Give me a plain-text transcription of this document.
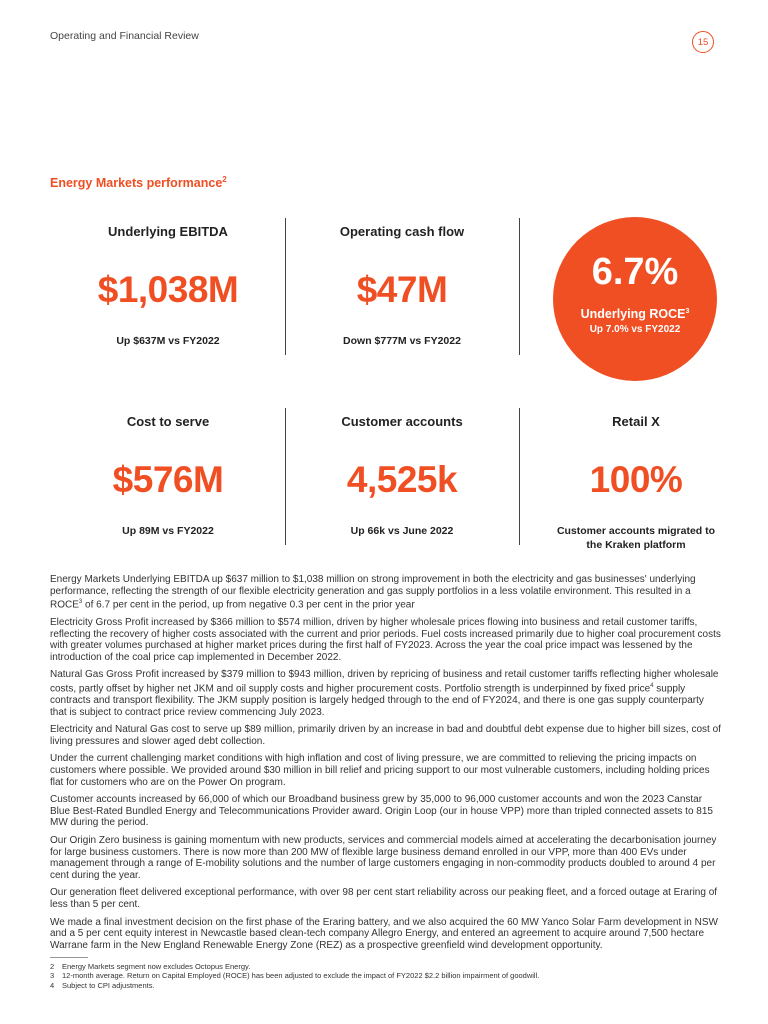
Operating and Financial Review
15
Energy Markets performance$^2$
Underlying EBITDA
$1,038M
Up $637M vs FY2022
Operating cash flow
$47M
Down $777M vs FY2022
6.7%
Underlying ROCE$^3$
Up 7.0% vs FY2022
Cost to serve
$576M
Up 89M vs FY2022
Customer accounts
4,525k
Up 66k vs June 2022
Retail X
100%
Customer accounts migrated to
the Kraken platform

Energy Markets Underlying EBITDA up $637 million to $1,038 million on strong improvement in both the electricity and gas businesses' underlying performance, reflecting the strength of our flexible electricity generation and gas supply portfolios in a less volatile environment. This resulted in a ROCE$^3$ of 6.7 per cent in the period, up from negative 0.3 per cent in the prior year

Electricity Gross Profit increased by $366 million to $574 million, driven by higher wholesale prices flowing into business and retail customer tariffs, reflecting the recovery of higher costs associated with the current and prior periods. Fuel costs increased primarily due to higher coal procurement costs with greater volumes purchased at higher market prices during the first half of FY2023. Across the year the coal price impact was lessened by the introduction of the coal price cap implemented in December 2022.

Natural Gas Gross Profit increased by $379 million to $943 million, driven by repricing of business and retail customer tariffs reflecting higher wholesale costs, partly offset by higher net JKM and oil supply costs and higher procurement costs. Portfolio strength is underpinned by fixed price$^4$ supply contracts and transport flexibility. The JKM supply position is largely hedged through to the end of FY2024, and there is one gas supply counterparty that is subject to contract price review commencing July 2023.

Electricity and Natural Gas cost to serve up $89 million, primarily driven by an increase in bad and doubtful debt expense due to higher bill sizes, cost of living pressures and slower aged debt collection.

Under the current challenging market conditions with high inflation and cost of living pressure, we are committed to relieving the pricing impacts on customers where possible. We provided around $30 million in bill relief and pricing support to our most vulnerable customers, including holding prices flat for customers who are on the Power On program.

Customer accounts increased by 66,000 of which our Broadband business grew by 35,000 to 96,000 customer accounts and won the 2023 Canstar Blue Best-Rated Bundled Energy and Telecommunications Provider award. Origin Loop (our in house VPP) more than tripled connected assets to 815 MW during the period.

Our Origin Zero business is gaining momentum with new products, services and commercial models aimed at accelerating the decarbonisation journey for large business customers. There is now more than 200 MW of flexible large business demand enrolled in our VPP, more than 400 EVs under management through a range of E-mobility solutions and the number of large customers engaging in non-commodity products doubled to around 4 per cent during the year.

Our generation fleet delivered exceptional performance, with over 98 per cent start reliability across our peaking fleet, and a forced outage at Eraring of less than 5 per cent.

We made a final investment decision on the first phase of the Eraring battery, and we also acquired the 60 MW Yanco Solar Farm development in NSW and a 5 per cent equity interest in Newcastle based clean-tech company Allegro Energy, and entered an agreement to acquire around 7,500 hectare Warrane farm in the New England Renewable Energy Zone (REZ) as a prospective greenfield wind development opportunity.

2	Energy Markets segment now excludes Octopus Energy.
3	12-month average. Return on Capital Employed (ROCE) has been adjusted to exclude the impact of FY2022 $2.2 billion impairment of goodwill.
4	Subject to CPI adjustments.
